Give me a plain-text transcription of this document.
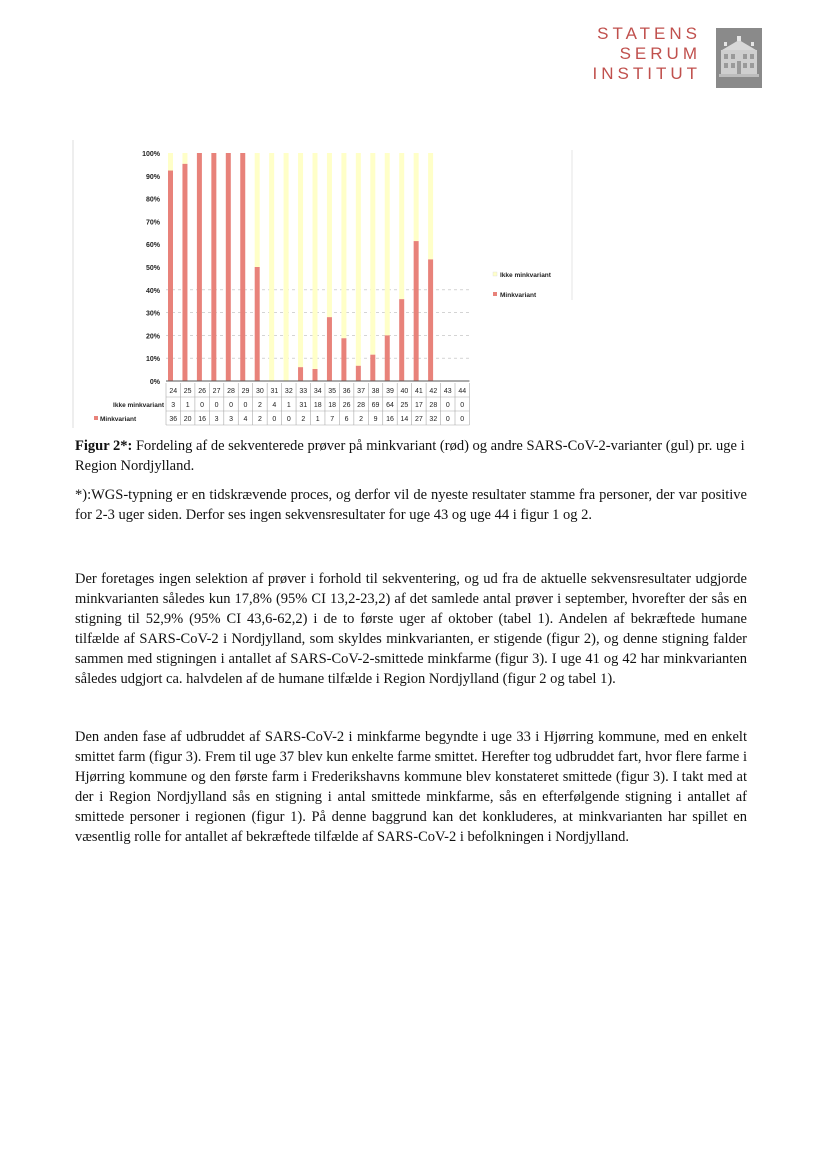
STATENS
SERUM
INSTITUT
100%
90%
80%
70%
60%
50%
40%
30%
20%
10%
0%
24
3
36
25
1
20
26
0
16
27
0
3
28
0
3
29
0
4
30
2
2
31
4
0
32
1
0
33
31
2
34
18
1
35
18
7
36
26
6
37
28
2
38
69
9
39
64
16
40
25
14
41
17
27
42
28
32
43
0
0
44
0
0
Ikke minkvariant
Minkvariant
Ikke minkvariant
Minkvariant
Figur 2*: Fordeling af de sekventerede prøver på minkvariant (rød) og andre SARS-CoV-2-varianter (gul) pr. uge i Region Nordjylland.
*):WGS-typning er en tidskrævende proces, og derfor vil de nyeste resultater stamme fra personer, der var positive for 2-3 uger siden. Derfor ses ingen sekvensresultater for uge 43 og uge 44 i figur 1 og 2.

Der foretages ingen selektion af prøver i forhold til sekventering, og ud fra de aktuelle sekvensresultater udgjorde minkvarianten således kun 17,8% (95% CI 13,2-23,2) af det samlede antal prøver i september, hvorefter der sås en stigning til 52,9% (95% CI 43,6-62,2) i de to første uger af oktober (tabel 1). Andelen af bekræftede humane tilfælde af SARS-CoV-2 i Nordjylland, som skyldes minkvarianten, er stigende (figur 2), og denne stigning falder sammen med stigningen i antallet af SARS-CoV-2-smittede minkfarme (figur 3). I uge 41 og 42 har minkvarianten således udgjort ca. halvdelen af de humane tilfælde i Region Nordjylland (figur 2 og tabel 1).

Den anden fase af udbruddet af SARS-CoV-2 i minkfarme begyndte i uge 33 i Hjørring kommune, med en enkelt smittet farm (figur 3). Frem til uge 37 blev kun enkelte farme smittet. Herefter tog udbruddet fart, hvor flere farme i Hjørring kommune og den første farm i Frederikshavns kommune blev konstateret smittede (figur 3). I takt med at der i Region Nordjylland sås en stigning i antal smittede minkfarme, sås en efterfølgende stigning i antallet af smittede personer i regionen (figur 1). På denne baggrund kan det konkluderes, at minkvarianten har spillet en væsentlig rolle for antallet af bekræftede tilfælde af SARS-CoV-2 i befolkningen i Nordjylland.
